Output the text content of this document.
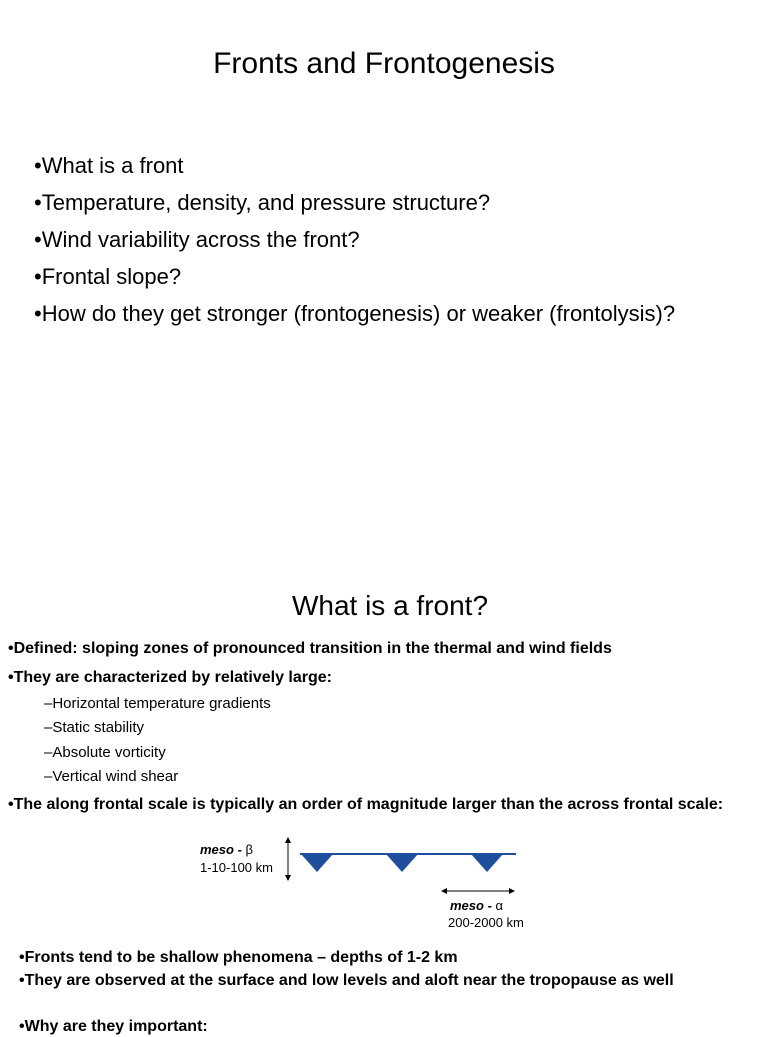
Fronts and Frontogenesis
•What is a front
•Temperature, density, and pressure structure?
•Wind variability across the front?
•Frontal slope?
•How do they get stronger (frontogenesis) or weaker (frontolysis)?
What is a front?
•Defined: sloping zones of pronounced transition in the thermal and wind fields
•They are characterized by relatively large:
–Horizontal temperature gradients
–Static stability
–Absolute vorticity
–Vertical wind shear
•The along frontal scale is typically an order of magnitude larger than the across frontal scale:
meso - β
1-10-100 km
meso - α
200-2000 km
•Fronts tend to be shallow phenomena – depths of 1-2 km
•They are observed at the surface and low levels and aloft near the tropopause as well
•Why are they important:
